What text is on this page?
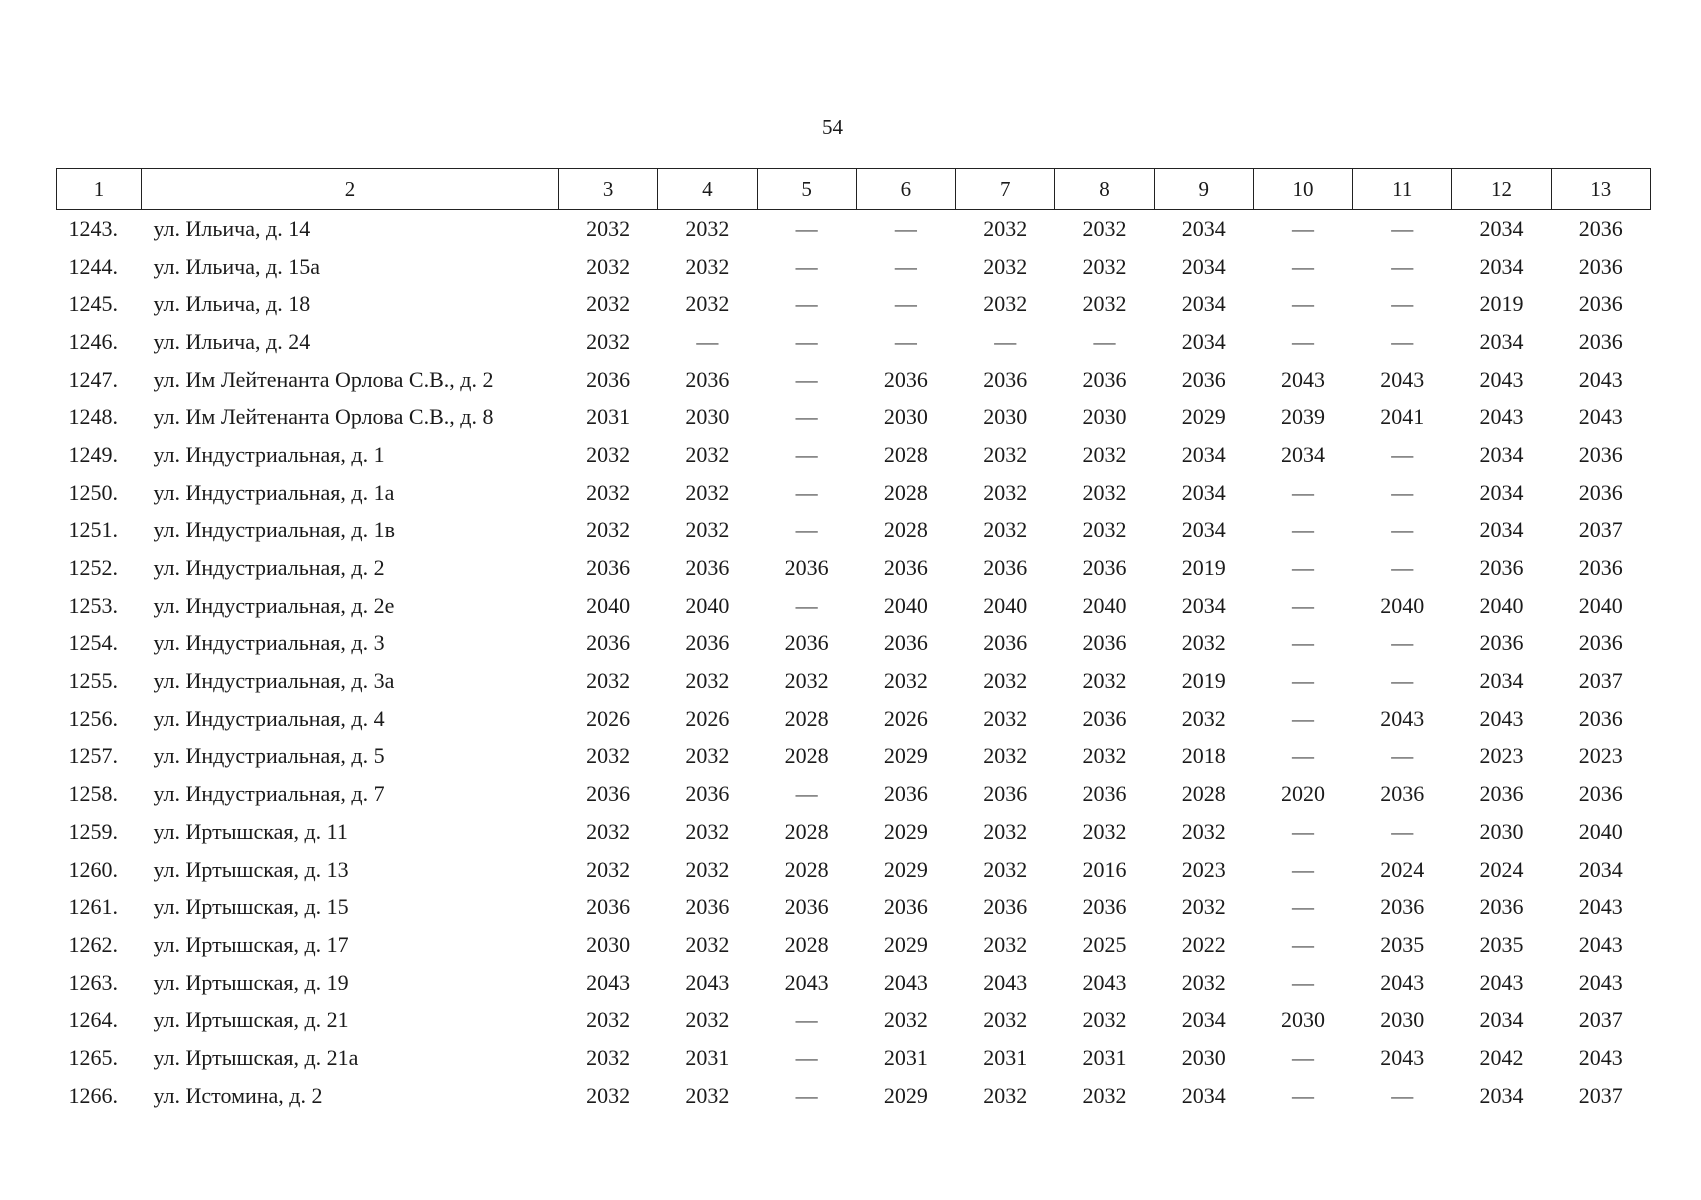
54
1	2	3	4	5	6	7	8	9	10	11	12	13
1243.	ул. Ильича, д. 14	2032	2032	—	—	2032	2032	2034	—	—	2034	2036
1244.	ул. Ильича, д. 15а	2032	2032	—	—	2032	2032	2034	—	—	2034	2036
1245.	ул. Ильича, д. 18	2032	2032	—	—	2032	2032	2034	—	—	2019	2036
1246.	ул. Ильича, д. 24	2032	—	—	—	—	—	2034	—	—	2034	2036
1247.	ул. Им Лейтенанта Орлова С.В., д. 2	2036	2036	—	2036	2036	2036	2036	2043	2043	2043	2043
1248.	ул. Им Лейтенанта Орлова С.В., д. 8	2031	2030	—	2030	2030	2030	2029	2039	2041	2043	2043
1249.	ул. Индустриальная, д. 1	2032	2032	—	2028	2032	2032	2034	2034	—	2034	2036
1250.	ул. Индустриальная, д. 1а	2032	2032	—	2028	2032	2032	2034	—	—	2034	2036
1251.	ул. Индустриальная, д. 1в	2032	2032	—	2028	2032	2032	2034	—	—	2034	2037
1252.	ул. Индустриальная, д. 2	2036	2036	2036	2036	2036	2036	2019	—	—	2036	2036
1253.	ул. Индустриальная, д. 2е	2040	2040	—	2040	2040	2040	2034	—	2040	2040	2040
1254.	ул. Индустриальная, д. 3	2036	2036	2036	2036	2036	2036	2032	—	—	2036	2036
1255.	ул. Индустриальная, д. 3а	2032	2032	2032	2032	2032	2032	2019	—	—	2034	2037
1256.	ул. Индустриальная, д. 4	2026	2026	2028	2026	2032	2036	2032	—	2043	2043	2036
1257.	ул. Индустриальная, д. 5	2032	2032	2028	2029	2032	2032	2018	—	—	2023	2023
1258.	ул. Индустриальная, д. 7	2036	2036	—	2036	2036	2036	2028	2020	2036	2036	2036
1259.	ул. Иртышская, д. 11	2032	2032	2028	2029	2032	2032	2032	—	—	2030	2040
1260.	ул. Иртышская, д. 13	2032	2032	2028	2029	2032	2016	2023	—	2024	2024	2034
1261.	ул. Иртышская, д. 15	2036	2036	2036	2036	2036	2036	2032	—	2036	2036	2043
1262.	ул. Иртышская, д. 17	2030	2032	2028	2029	2032	2025	2022	—	2035	2035	2043
1263.	ул. Иртышская, д. 19	2043	2043	2043	2043	2043	2043	2032	—	2043	2043	2043
1264.	ул. Иртышская, д. 21	2032	2032	—	2032	2032	2032	2034	2030	2030	2034	2037
1265.	ул. Иртышская, д. 21а	2032	2031	—	2031	2031	2031	2030	—	2043	2042	2043
1266.	ул. Истомина, д. 2	2032	2032	—	2029	2032	2032	2034	—	—	2034	2037
